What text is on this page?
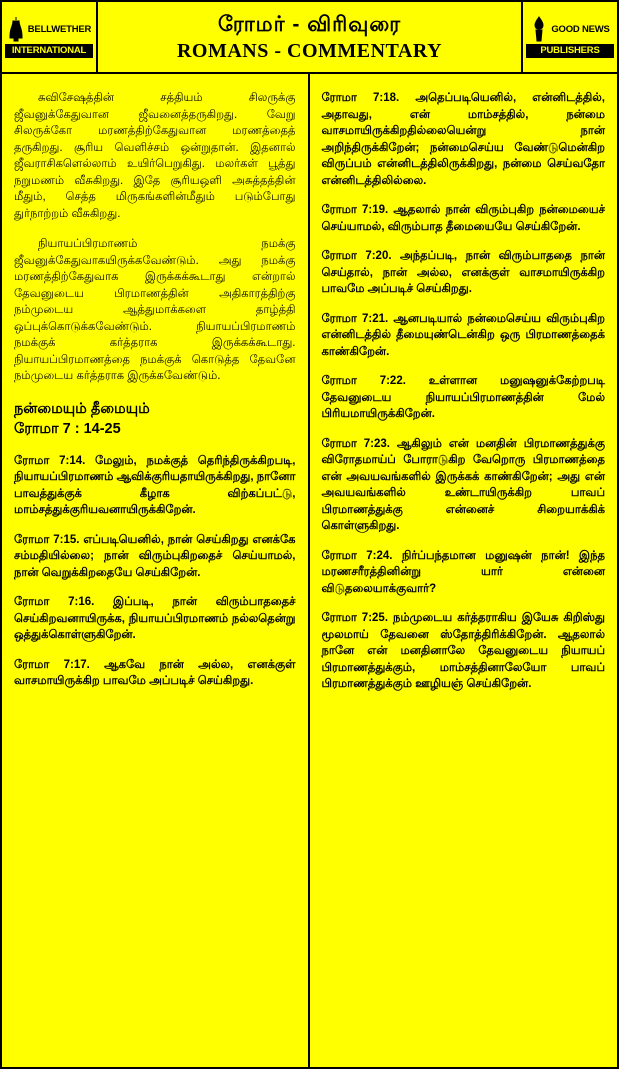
BELLWETHER
INTERNATIONAL
ரோமர் - விரிவுரை
ROMANS - COMMENTARY
GOOD NEWS
PUBLISHERS

சுவிசேஷத்தின் சத்தியம் சிலருக்கு ஜீவனுக்கேதுவான ஜீவனைத்தருகிறது. வேறு சிலருக்கோ மரணத்திற்கேதுவான மரணத்தைத் தருகிறது. சூரிய வெளிச்சம் ஒன்றுதான். இதனால் ஜீவராசிகளெல்லாம் உயிர்பெறுகிது. மலர்கள் பூத்து நறுமணம் வீசுகிறது. இதே சூரியஒளி அசுத்தத்தின் மீதும், செத்த மிருகங்களின்மீதும் படும்போது துர்நாற்றம் வீசுகிறது.

நியாயப்பிரமாணம் நமக்கு ஜீவனுக்கேதுவாகயிருக்கவேண்டும். அது நமக்கு மரணத்திற்கேதுவாக இருக்கக்கூடாது என்றால் தேவனுடைய பிரமாணத்தின் அதிகாரத்திற்கு நம்முடைய ஆத்துமாக்களை தாழ்த்தி ஒப்புக்கொடுக்கவேண்டும். நியாயப்பிரமாணம் நமக்குக் கர்த்தராக இருக்கக்கூடாது. நியாயப்பிரமாணத்தை நமக்குக் கொடுத்த தேவனே நம்முடைய கர்த்தராக இருக்கவேண்டும்.

நன்மையும் தீமையும்
ரோமா 7 : 14-25

ரோமா 7:14. மேலும், நமக்குத் தெரிந்திருக்கிறபடி, நியாயப்பிரமாணம் ஆவிக்குரியதாயிருக்கிறது, நானோ பாவத்துக்குக் கீழாக விற்கப்பட்டு, மாம்சத்துக்குரியவனாயிருக்கிறேன்.

ரோமா 7:15. எப்படியெனில், நான் செய்கிறது எனக்கே சம்மதியில்லை; நான் விரும்புகிறதைச் செய்யாமல், நான் வெறுக்கிறதையே செய்கிறேன்.

ரோமா 7:16. இப்படி, நான் விரும்பாததைச் செய்கிறவனாயிருக்க, நியாயப்பிரமாணம் நல்லதென்று ஒத்துக்கொள்ளுகிறேன்.

ரோமா 7:17. ஆகவே நான் அல்ல, எனக்குள் வாசமாயிருக்கிற பாவமே அப்படிச் செய்கிறது.

ரோமா 7:18. அதெப்படியெனில், என்னிடத்தில், அதாவது, என் மாம்சத்தில், நன்மை வாசமாயிருக்கிறதில்லையென்று நான் அறிந்திருக்கிறேன்; நன்மைசெய்ய வேண்டுமென்கிற விருப்பம் என்னிடத்திலிருக்கிறது, நன்மை செய்வதோ என்னிடத்திலில்லை.

ரோமா 7:19. ஆதலால் நான் விரும்புகிற நன்மையைச் செய்யாமல், விரும்பாத தீமையையே செய்கிறேன்.

ரோமா 7:20. அந்தப்படி, நான் விரும்பாததை நான் செய்தால், நான் அல்ல, எனக்குள் வாசமாயிருக்கிற பாவமே அப்படிச் செய்கிறது.

ரோமா 7:21. ஆனபடியால் நன்மைசெய்ய விரும்புகிற என்னிடத்தில் தீமையுண்டென்கிற ஒரு பிரமாணத்தைக் காண்கிறேன்.

ரோமா 7:22. உள்ளான மனுஷனுக்கேற்றபடி தேவனுடைய நியாயப்பிரமாணத்தின் மேல் பிரியமாயிருக்கிறேன்.

ரோமா 7:23. ஆகிலும் என் மனதின் பிரமாணத்துக்கு விரோதமாய்ப் போராடுகிற வேறொரு பிரமாணத்தை என் அவயவங்களில் இருக்கக் காண்கிறேன்; அது என் அவயவங்களில் உண்டாயிருக்கிற பாவப் பிரமாணத்துக்கு என்னைச் சிறையாக்கிக் கொள்ளுகிறது.

ரோமா 7:24. நிர்ப்பந்தமான மனுஷன் நான்! இந்த மரணசரீரத்தினின்று யார் என்னை விடுதலையாக்குவார்?

ரோமா 7:25. நம்முடைய கர்த்தராகிய இயேசு கிறிஸ்து மூலமாய் தேவனை ஸ்தோத்திரிக்கிறேன். ஆதலால் நானே என் மனதினாலே தேவனுடைய நியாயப் பிரமாணத்துக்கும், மாம்சத்தினாலேயோ பாவப் பிரமாணத்துக்கும் ஊழியஞ் செய்கிறேன்.
